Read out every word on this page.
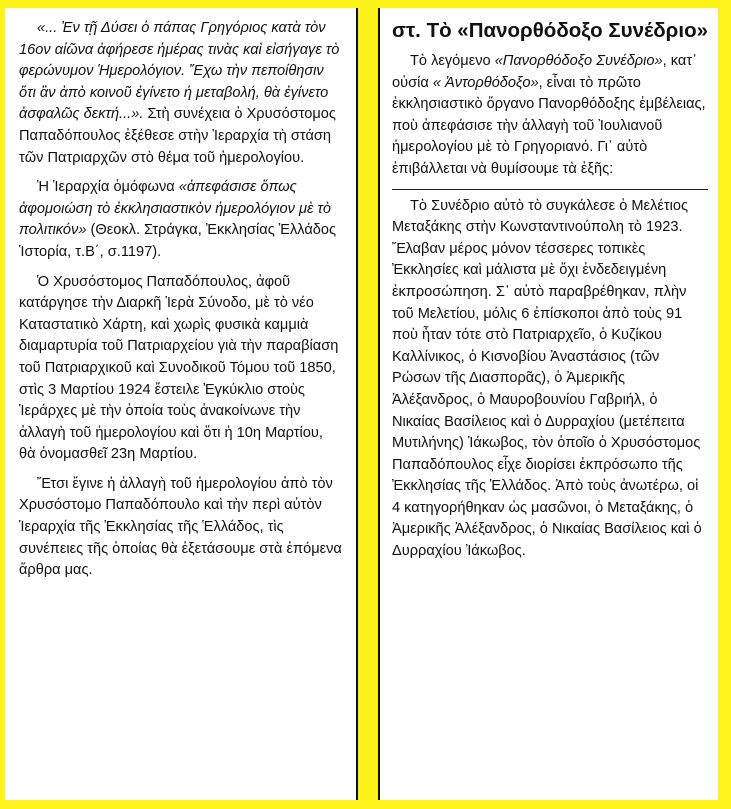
«... Ἐν τῇ Δύσει ὁ πάπας Γρηγόριος κατὰ τὸν 16ον αἰῶνα ἀφήρεσε ἡμέρας τινὰς καὶ εἰσήγαγε τὸ φερώνυμον Ἡμερολόγιον. Ἔχω τὴν πεποίθησιν ὅτι ἂν ἀπὸ κοινοῦ ἐγίνετο ἡ μεταβολή, θὰ ἐγίνετο ἀσφαλῶς δεκτή...». Στὴ συνέχεια ὁ Χρυσόστομος Παπαδόπουλος ἐξέθεσε στὴν Ἱεραρχία τὴ στάση τῶν Πατριαρχῶν στὸ θέμα τοῦ ἡμερολογίου.

Ἡ Ἱεραρχία ὁμόφωνα «ἀπεφάσισε ὅπως ἀφομοιώση τὸ ἐκκλησιαστικὸν ἡμερολόγιον μὲ τὸ πολιτικόν» (Θεοκλ. Στράγκα, Ἐκκλησίας Ἑλλάδος Ἱστορία, τ.Β΄, σ.1197).

Ὁ Χρυσόστομος Παπαδόπουλος, ἀφοῦ κατάργησε τὴν Διαρκῆ Ἱερὰ Σύνοδο, μὲ τὸ νέο Καταστατικὸ Χάρτη, καὶ χωρὶς φυσικὰ καμμιὰ διαμαρτυρία τοῦ Πατριαρχείου γιὰ τὴν παραβίαση τοῦ Πατριαρχικοῦ καὶ Συνοδικοῦ Τόμου τοῦ 1850, στὶς 3 Μαρτίου 1924 ἔστειλε Ἐγκύκλιο στοὺς Ἱεράρχες μὲ τὴν ὁποία τοὺς ἀνακοίνωνε τὴν ἀλλαγὴ τοῦ ἡμερολογίου καὶ ὅτι ἡ 10η Μαρτίου, θὰ ὀνομασθεῖ 23η Μαρτίου.

Ἔτσι ἔγινε ἡ ἀλλαγὴ τοῦ ἡμερολογίου ἀπὸ τὸν Χρυσόστομο Παπαδόπουλο καὶ τὴν περὶ αὐτὸν Ἱεραρχία τῆς Ἐκκλησίας τῆς Ἑλλάδος, τὶς συνέπειες τῆς ὁποίας θὰ ἐξετάσουμε στὰ ἑπόμενα ἄρθρα μας.

στ. Τὸ «Πανορθόδοξο Συνέδριο»

Τὸ λεγόμενο «Πανορθόδοξο Συνέδριο», κατ᾽ οὐσία « Ἀντορθόδοξο», εἶναι τὸ πρῶτο ἐκκλησιαστικὸ ὄργανο Πανορθόδοξης ἐμβέλειας, ποὺ ἀπεφάσισε τὴν ἀλλαγὴ τοῦ Ἰουλιανοῦ ἡμερολογίου μὲ τὸ Γρηγοριανό. Γι᾽ αὐτὸ ἐπιβάλλεται νὰ θυμίσουμε τὰ ἑξῆς:

Τὸ Συνέδριο αὐτὸ τὸ συγκάλεσε ὁ Μελέτιος Μεταξάκης στὴν Κωνσταντινούπολη τὸ 1923. Ἔλαβαν μέρος μόνον τέσσερες τοπικὲς Ἐκκλησίες καὶ μάλιστα μὲ ὄχι ἐνδεδειγμένη ἐκπροσώπηση. Σ᾽ αὐτὸ παραβρέθηκαν, πλὴν τοῦ Μελετίου, μόλις 6 ἐπίσκοποι ἀπὸ τοὺς 91 ποὺ ἦταν τότε στὸ Πατριαρχεῖο, ὁ Κυζίκου Καλλίνικος, ὁ Κισνοβίου Ἀναστάσιος (τῶν Ρώσων τῆς Διασπορᾶς), ὁ Ἀμερικῆς Ἀλέξανδρος, ὁ Μαυροβουνίου Γαβριήλ, ὁ Νικαίας Βασίλειος καὶ ὁ Δυρραχίου (μετέπειτα Μυτιλήνης) Ἰάκωβος, τὸν ὁποῖο ὁ Χρυσόστομος Παπαδόπουλος εἶχε διορίσει ἐκπρόσωπο τῆς Ἐκκλησίας τῆς Ἑλλάδος. Ἀπὸ τοὺς ἀνωτέρω, οἱ 4 κατηγορήθηκαν ὡς μασῶνοι, ὁ Μεταξάκης, ὁ Ἀμερικῆς Ἀλέξανδρος, ὁ Νικαίας Βασίλειος καὶ ὁ Δυρραχίου Ἰάκωβος.
